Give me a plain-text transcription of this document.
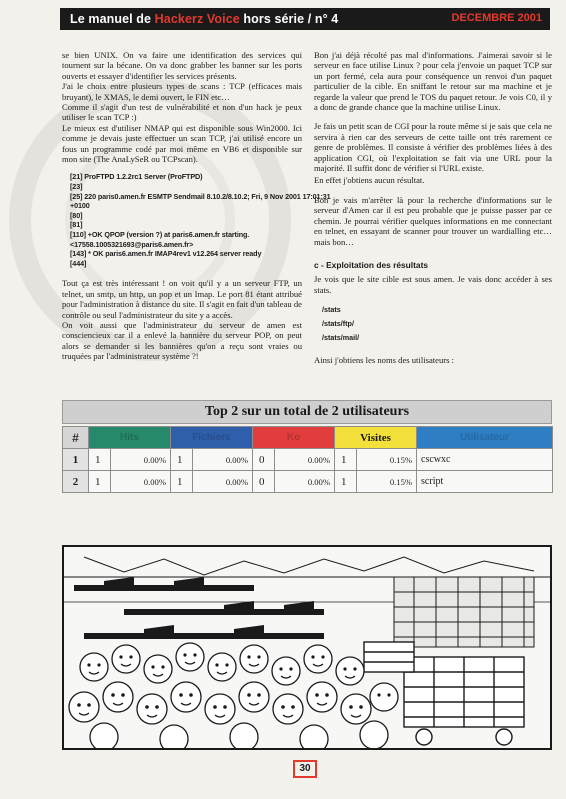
Le manuel de Hackerz Voice hors série / n° 4	DECEMBRE 2001

se bien UNIX. On va faire une identification des services qui tournent sur la bécane. On va donc grabber les banner sur les ports ouverts et essayer d'identifier les services présents.

J'ai le choix entre plusieurs types de scans : TCP (efficaces mais bruyant), le XMAS, le demi ouvert, le FIN etc…

Comme il s'agit d'un test de vulnérabilité et non d'un hack je peux utiliser le scan TCP :)

Le mieux est d'utiliser NMAP qui est disponible sous Win2000. Ici comme je devais juste effectuer un scan TCP, j'ai utilisé encore un fous un programme codé par moi même en VB6 et disponible sur mon site (The AnaLySeR ou TCPscan).

[21] ProFTPD 1.2.2rc1 Server (ProFTPD)
[23]
[25] 220 paris0.amen.fr ESMTP Sendmail 8.10.2/8.10.2; Fri, 9 Nov 2001 17:01:31
+0100
[80]
[81]
[110] +OK QPOP (version ?) at paris6.amen.fr starting.
<17558.1005321693@paris6.amen.fr>
[143] * OK paris6.amen.fr IMAP4rev1 v12.264 server ready
[444]

Tout ça est très intéressant ! on voit qu'il y a un serveur FTP, un telnet, un smtp, un http, un pop et un Imap. Le port 81 étant attribué pour l'administration à distance du site. Il s'agit en fait d'un tableau de contrôle ou seul l'administrateur du site y a accès.

On voit aussi que l'administrateur du serveur de amen est consciencieux car il a enlevé la bannière du serveur POP, on peut alors se demander si les bannières qu'on a reçu sont vraies ou truquées par l'administrateur système ?!

Bon j'ai déjà récolté pas mal d'informations. J'aimerai savoir si le serveur en face utilise Linux ? pour cela j'envoie un paquet TCP sur un port fermé, cela aura pour conséquence un renvoi d'un paquet particulier de la cible. En sniffant le retour sur ma machine et je regarde la valeur que prend le TOS du paquet retour. Je vois C0, il y a donc de grande chance que la machine utilise Linux.

Je fais un petit scan de CGI pour la route même si je sais que cela ne servira à rien car des serveurs de cette taille ont très rarement ce genre de problèmes. Il consiste à vérifier des problèmes liées à des application CGI, où l'exploitation se fait via une URL pour la majorité. Il suffit donc de vérifier si l'URL existe.

En effet j'obtiens aucun résultat.

Bon je vais m'arrêter là pour la recherche d'informations sur le serveur d'Amen car il est peu probable que je puisse passer par ce chemin. Je pourrai vérifier quelques informations en me connectant en telnet, en essayant de scanner pour trouver un wardialling etc… mais bon…

c - Exploitation des résultats

Je vois que le site cible est sous amen. Je vais donc accéder à ses stats.

/stats
/stats/ftp/
/stats/mail/

Ainsi j'obtiens les noms des utilisateurs :

Top 2 sur un total de 2 utilisateurs
#	Hits		Fichiers		Ko		Visites		Utilisateur
1	1	0.00%	1	0.00%	0	0.00%	1	0.15%	cscwxc
2	1	0.00%	1	0.00%	0	0.00%	1	0.15%	script
30
